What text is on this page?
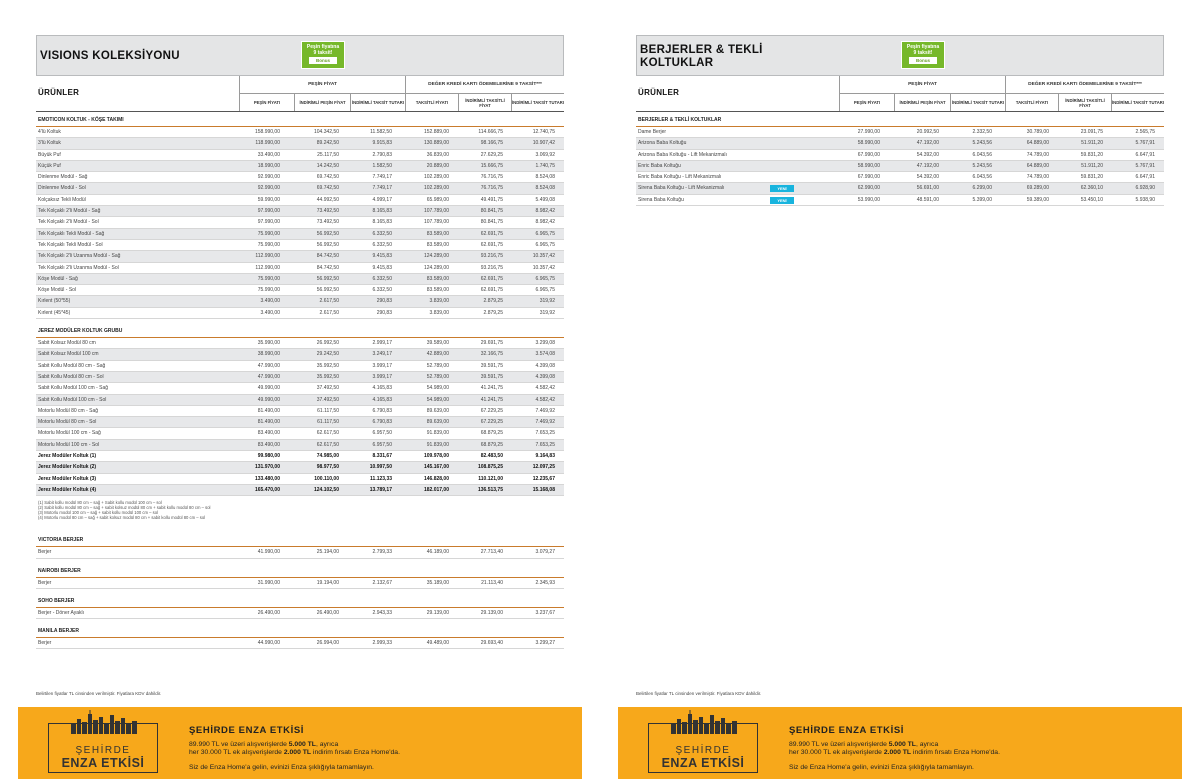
VISIONS KOLEKSİYONU
Peşin fiyatına
9 taksit!
Bonus
ÜRÜNLER
PEŞİN FİYAT	DEĞER KREDİ KARTI ÖDEMELERİNE 9 TAKSİT***
PEŞİN FİYATI	İNDİRİMLİ PEŞİN FİYAT	İNDİRİMLİ TAKSİT TUTARI	TAKSİTLİ FİYATI	İNDİRİMLİ TAKSİTLİ FİYAT	İNDİRİMLİ TAKSİT TUTARI
EMOTICON KOLTUK - KÖŞE TAKIMI
4'lü Koltuk	158.990,00	104.342,50	11.582,50	152.889,00	114.666,75	12.740,75
3'lü Koltuk	118.990,00	89.242,50	9.915,83	130.889,00	98.166,75	10.907,42
Büyük Puf	33.490,00	25.117,50	2.790,83	36.839,00	27.629,25	3.069,92
Küçük Puf	18.990,00	14.242,50	1.582,50	20.889,00	15.666,75	1.740,75
Dinlenme Modül - Sağ	92.990,00	69.742,50	7.749,17	102.289,00	76.716,75	8.524,08
Dinlenme Modül - Sol	92.990,00	69.742,50	7.749,17	102.289,00	76.716,75	8.524,08
Kolçaksız Tekli Modül	59.990,00	44.992,50	4.999,17	65.989,00	49.491,75	5.499,08
Tek Kolçaklı 2'li Modül - Sağ	97.990,00	73.492,50	8.165,83	107.789,00	80.841,75	8.982,42
Tek Kolçaklı 2'li Modül - Sol	97.990,00	73.492,50	8.165,83	107.789,00	80.841,75	8.982,42
Tek Kolçaklı Tekli Modül - Sağ	75.990,00	56.992,50	6.332,50	83.589,00	62.691,75	6.965,75
Tek Kolçaklı Tekli Modül - Sol	75.990,00	56.992,50	6.332,50	83.589,00	62.691,75	6.965,75
Tek Kolçaklı 2'li Uzanma Modül - Sağ	112.990,00	84.742,50	9.415,83	124.289,00	93.216,75	10.357,42
Tek Kolçaklı 2'li Uzanma Modül - Sol	112.990,00	84.742,50	9.415,83	124.289,00	93.216,75	10.357,42
Köşe Modül - Sağ	75.990,00	56.992,50	6.332,50	83.589,00	62.691,75	6.965,75
Köşe Modül - Sol	75.990,00	56.992,50	6.332,50	83.589,00	62.691,75	6.965,75
Kırlent (50*55)	3.490,00	2.617,50	290,83	3.839,00	2.879,25	319,92
Kırlent (45*45)	3.490,00	2.617,50	290,83	3.839,00	2.879,25	319,92
JEREZ MODÜLER KOLTUK GRUBU
Sabit Kolsuz Modül 80 cm	35.990,00	26.992,50	2.999,17	39.589,00	29.691,75	3.299,08
Sabit Kolsuz Modül 100 cm	38.990,00	29.242,50	3.249,17	42.889,00	32.166,75	3.574,08
Sabit Kollu Modül 80 cm - Sağ	47.990,00	35.992,50	3.999,17	52.789,00	39.591,75	4.399,08
Sabit Kollu Modül 80 cm - Sol	47.990,00	35.992,50	3.999,17	52.789,00	39.591,75	4.399,08
Sabit Kollu Modül 100 cm - Sağ	49.990,00	37.492,50	4.165,83	54.989,00	41.241,75	4.582,42
Sabit Kollu Modül 100 cm - Sol	49.990,00	37.492,50	4.165,83	54.989,00	41.241,75	4.582,42
Motorlu Modül 80 cm - Sağ	81.490,00	61.117,50	6.790,83	89.639,00	67.229,25	7.469,92
Motorlu Modül 80 cm - Sol	81.490,00	61.117,50	6.790,83	89.639,00	67.229,25	7.469,92
Motorlu Modül 100 cm - Sağ	83.490,00	62.617,50	6.957,50	91.839,00	68.879,25	7.653,25
Motorlu Modül 100 cm - Sol	83.490,00	62.617,50	6.957,50	91.839,00	68.879,25	7.653,25
Jerez Modüler Koltuk (1)	99.980,00	74.985,00	8.331,67	109.978,00	82.483,50	9.164,83
Jerez Modüler Koltuk (2)	131.970,00	98.977,50	10.997,50	145.167,00	108.875,25	12.097,25
Jerez Modüler Koltuk (3)	133.480,00	100.110,00	11.123,33	146.828,00	110.121,00	12.235,67
Jerez Modüler Koltuk (4)	165.470,00	124.102,50	13.789,17	182.017,00	136.513,75	15.168,08
(1) Sabit kollu modül 80 cm – sağ + Sabit kollu modül 100 cm – sol
(2) Sabit kollu modül 80 cm – sağ + sabit kolsuz modül 80 cm + sabit kollu modül 80 cm – sol
(3) Motorlu modül 100 cm – sağ + sabit kollu modül 100 cm – sol
(4) Motorlu modül 80 cm – sağ + sabit kolsuz modül 80 cm + sabit kollu modül 80 cm – sol
VICTORIA BERJER
Berjer	41.990,00	25.194,00	2.799,33	46.189,00	27.713,40	3.079,27
NAIROBI BERJER
Berjer	31.990,00	19.194,00	2.132,67	35.189,00	21.113,40	2.345,93
SOHO BERJER
Berjer - Döner Ayaklı	26.490,00	26.490,00	2.943,33	29.139,00	29.139,00	3.237,67
MANILA BERJER
Berjer	44.990,00	26.994,00	2.999,33	49.489,00	29.693,40	3.299,27
Belirtilen fiyatlar TL cinsinden verilmiştir. Fiyatlara KDV dahildir.
BERJERLER & TEKLİ KOLTUKLAR
Peşin fiyatına
9 taksit!
Bonus
ÜRÜNLER
PEŞİN FİYAT	DEĞER KREDİ KARTI ÖDEMELERİNE 9 TAKSİT***
PEŞİN FİYATI	İNDİRİMLİ PEŞİN FİYAT	İNDİRİMLİ TAKSİT TUTARI	TAKSİTLİ FİYATI	İNDİRİMLİ TAKSİTLİ FİYAT	İNDİRİMLİ TAKSİT TUTARI
BERJERLER & TEKLİ KOLTUKLAR
Dame Berjer	27.990,00	20.992,50	2.332,50	30.789,00	23.091,75	2.565,75
Arizona Baba Koltuğu	58.990,00	47.192,00	5.243,56	64.889,00	51.911,20	5.767,91
Arizona Baba Koltuğu - Lift Mekanizmalı	67.990,00	54.392,00	6.043,56	74.789,00	59.831,20	6.647,91
Enric Baba Koltuğu	58.990,00	47.192,00	5.243,56	64.889,00	51.911,20	5.767,91
Enric Baba Koltuğu - Lift Mekanizmalı	67.990,00	54.392,00	6.043,56	74.789,00	59.831,20	6.647,91
Sirena Baba Koltuğu - Lift Mekanizmalı	YENİ	62.990,00	56.691,00	6.299,00	69.289,00	62.360,10	6.928,90
Sirena Baba Koltuğu	YENİ	53.990,00	48.591,00	5.399,00	59.389,00	53.450,10	5.938,90
Belirtilen fiyatlar TL cinsinden verilmiştir. Fiyatlara KDV dahildir.
ŞEHİRDE
ENZA ETKİSİ
ŞEHİRDE ENZA ETKİSİ
89.990 TL ve üzeri alışverişlerde 5.000 TL, ayrıca
her 30.000 TL ek alışverişlerde 2.000 TL indirim fırsatı Enza Home'da.
Siz de Enza Home'a gelin, evinizi Enza şıklığıyla tamamlayın.
ŞEHİRDE
ENZA ETKİSİ
ŞEHİRDE ENZA ETKİSİ
89.990 TL ve üzeri alışverişlerde 5.000 TL, ayrıca
her 30.000 TL ek alışverişlerde 2.000 TL indirim fırsatı Enza Home'da.
Siz de Enza Home'a gelin, evinizi Enza şıklığıyla tamamlayın.
